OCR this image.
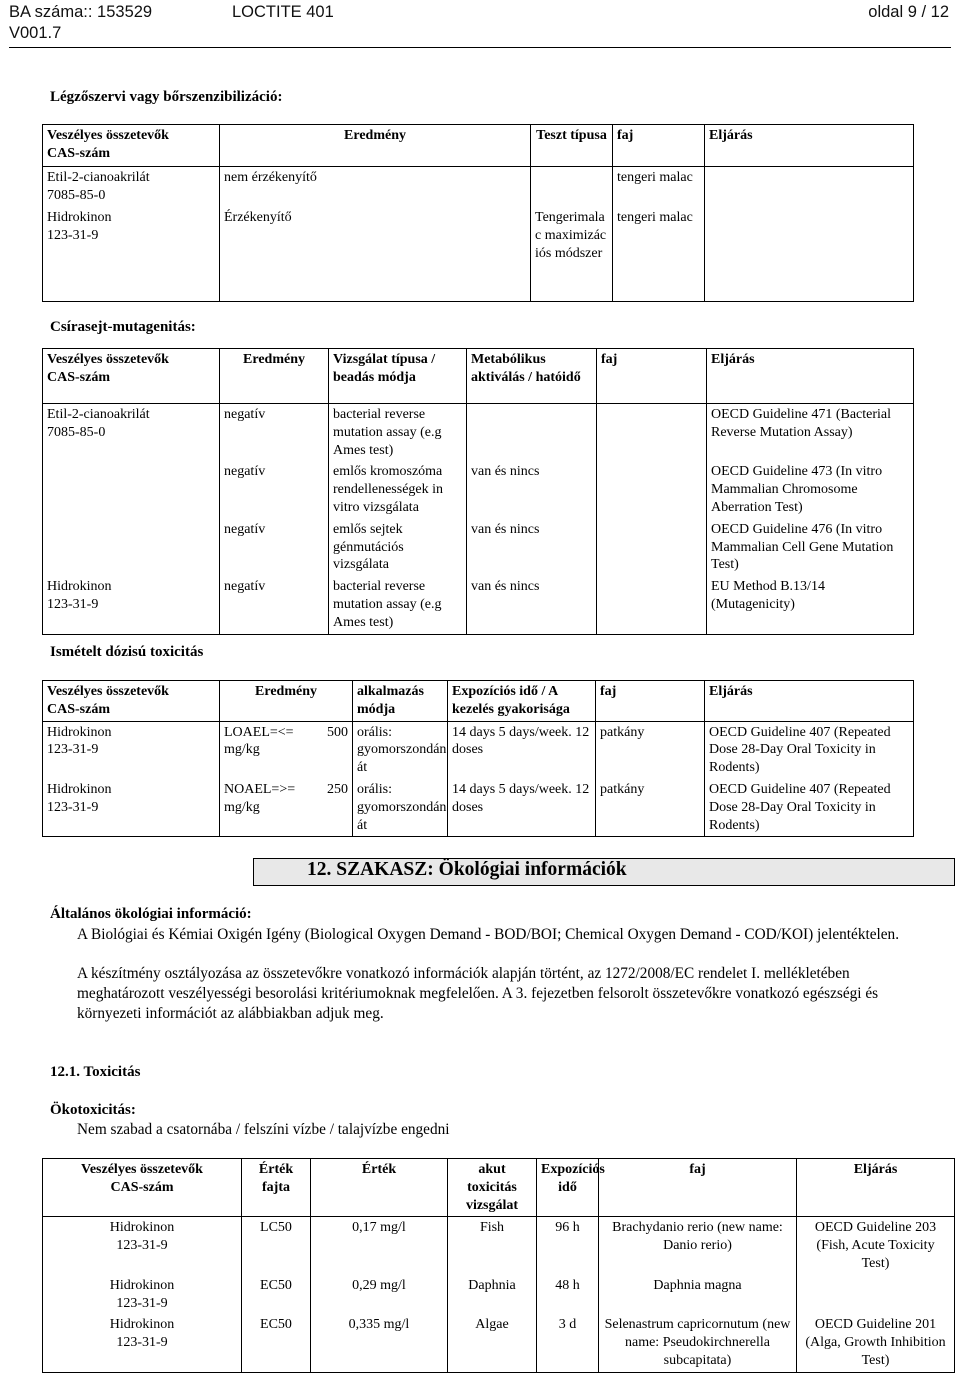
BA száma:: 153529	LOCTITE 401	oldal 9 / 12
V001.7
Légzőszervi vagy bőrszenzibilizáció:
Veszélyes összetevők
CAS-szám	Eredmény	Teszt típusa	faj	Eljárás

Etil-2-cianoakrilát
7085-85-0	nem érzékenyítő		tengeri malac	

Hidrokinon
123-31-9	Érzékenyítő	Tengerimalac maximizációs módszer	tengeri malac	
Csírasejt-mutagenitás:
Veszélyes összetevők
CAS-szám	Eredmény	Vizsgálat típusa / beadás módja	Metabólikus aktiválás / hatóidő	faj	Eljárás

Etil-2-cianoakrilát
7085-85-0	negatív	bacterial reverse mutation assay (e.g Ames test)			OECD Guideline 471 (Bacterial Reverse Mutation Assay)
	negatív	emlős kromoszóma rendellenességek in vitro vizsgálata	van és nincs		OECD Guideline 473 (In vitro Mammalian Chromosome Aberration Test)
	negatív	emlős sejtek génmutációs vizsgálata	van és nincs		OECD Guideline 476 (In vitro Mammalian Cell Gene Mutation Test)

Hidrokinon
123-31-9	negatív	bacterial reverse mutation assay (e.g Ames test)	van és nincs		EU Method B.13/14 (Mutagenicity)
Ismételt dózisú toxicitás
Veszélyes összetevők
CAS-szám	Eredmény	alkalmazás módja	Expozíciós idő / A kezelés gyakorisága	faj	Eljárás

Hidrokinon
123-31-9	LOAEL=<= 500
mg/kg	orális: gyomorszondán át	14 days 5 days/week. 12 doses	patkány	OECD Guideline 407 (Repeated Dose 28-Day Oral Toxicity in Rodents)

Hidrokinon
123-31-9	NOAEL=>= 250
mg/kg	orális: gyomorszondán át	14 days 5 days/week. 12 doses	patkány	OECD Guideline 407 (Repeated Dose 28-Day Oral Toxicity in Rodents)
12. SZAKASZ: Ökológiai információk
Általános ökológiai információ:
A Biológiai és Kémiai Oxigén Igény (Biological Oxygen Demand - BOD/BOI; Chemical Oxygen Demand - COD/KOI) jelentéktelen.
A készítmény osztályozása az összetevőkre vonatkozó információk alapján történt, az 1272/2008/EC rendelet I. mellékletében meghatározott veszélyességi besorolási kritériumoknak megfelelően. A 3. fejezetben felsorolt összetevőkre vonatkozó egészségi és környezeti információt az alábbiakban adjuk meg.
12.1. Toxicitás
Ökotoxicitás:
Nem szabad a csatornába / felszíni vízbe / talajvízbe engedni
Veszélyes összetevők
CAS-szám	Érték fajta	Érték	akut toxicitás vizsgálat	Expozíciós idő	faj	Eljárás

Hidrokinon
123-31-9	LC50	0,17 mg/l	Fish	96 h	Brachydanio rerio (new name: Danio rerio)	OECD Guideline 203 (Fish, Acute Toxicity Test)

Hidrokinon
123-31-9	EC50	0,29 mg/l	Daphnia	48 h	Daphnia magna	

Hidrokinon
123-31-9	EC50	0,335 mg/l	Algae	3 d	Selenastrum capricornutum (new name: Pseudokirchnerella subcapitata)	OECD Guideline 201 (Alga, Growth Inhibition Test)
